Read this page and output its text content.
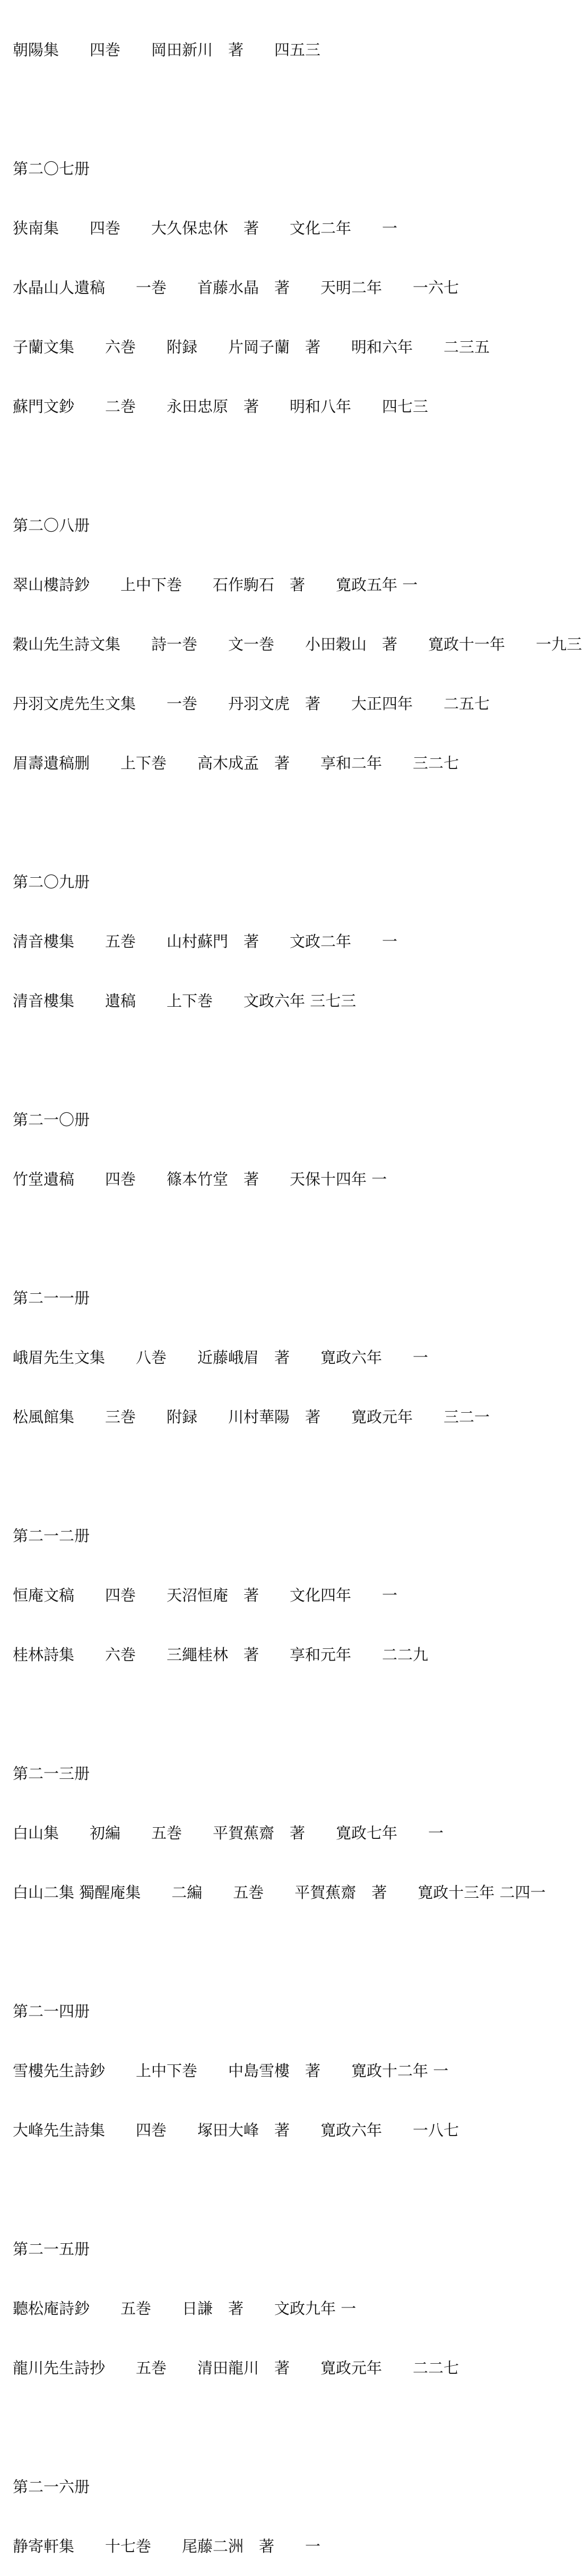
朝陽集　　四巻　　岡田新川　著　　四五三

第二〇七册

狭南集　　四巻　　大久保忠休　著　　文化二年　　一

水晶山人遺稿　　一巻　　首藤水晶　著　　天明二年　　一六七

子蘭文集　　六巻　　附録　　片岡子蘭　著　　明和六年　　二三五

蘇門文鈔　　二巻　　永田忠原　著　　明和八年　　四七三

第二〇八册

翠山樓詩鈔　　上中下巻　　石作駒石　著　　寛政五年 一

穀山先生詩文集　　詩一巻　　文一巻　　小田穀山　著　　寛政十一年　　一九三

丹羽文虎先生文集　　一巻　　丹羽文虎　著　　大正四年　　二五七

眉壽遺稿删　　上下巻　　高木成孟　著　　享和二年　　三二七

第二〇九册

清音樓集　　五巻　　山村蘇門　著　　文政二年　　一

清音樓集　　遺稿　　上下巻　　文政六年 三七三

第二一〇册

竹堂遺稿　　四巻　　篠本竹堂　著　　天保十四年 一

第二一一册

峨眉先生文集　　八巻　　近藤峨眉　著　　寛政六年　　一

松風館集　　三巻　　附録　　川村華陽　著　　寛政元年　　三二一

第二一二册

恒庵文稿　　四巻　　天沼恒庵　著　　文化四年　　一

桂林詩集　　六巻　　三繩桂林　著　　享和元年　　二二九

第二一三册

白山集　　初編　　五巻　　平賀蕉齋　著　　寛政七年　　一

白山二集 獨醒庵集　　二編　　五巻　　平賀蕉齋　著　　寛政十三年 二四一

第二一四册

雪樓先生詩鈔　　上中下巻　　中島雪樓　著　　寛政十二年 一

大峰先生詩集　　四巻　　塚田大峰　著　　寛政六年　　一八七

第二一五册

聽松庵詩鈔　　五巻　　日謙　著　　文政九年 一

龍川先生詩抄　　五巻　　清田龍川　著　　寛政元年　　二二七

第二一六册

静寄軒集　　十七巻　　尾藤二洲　著　　一
